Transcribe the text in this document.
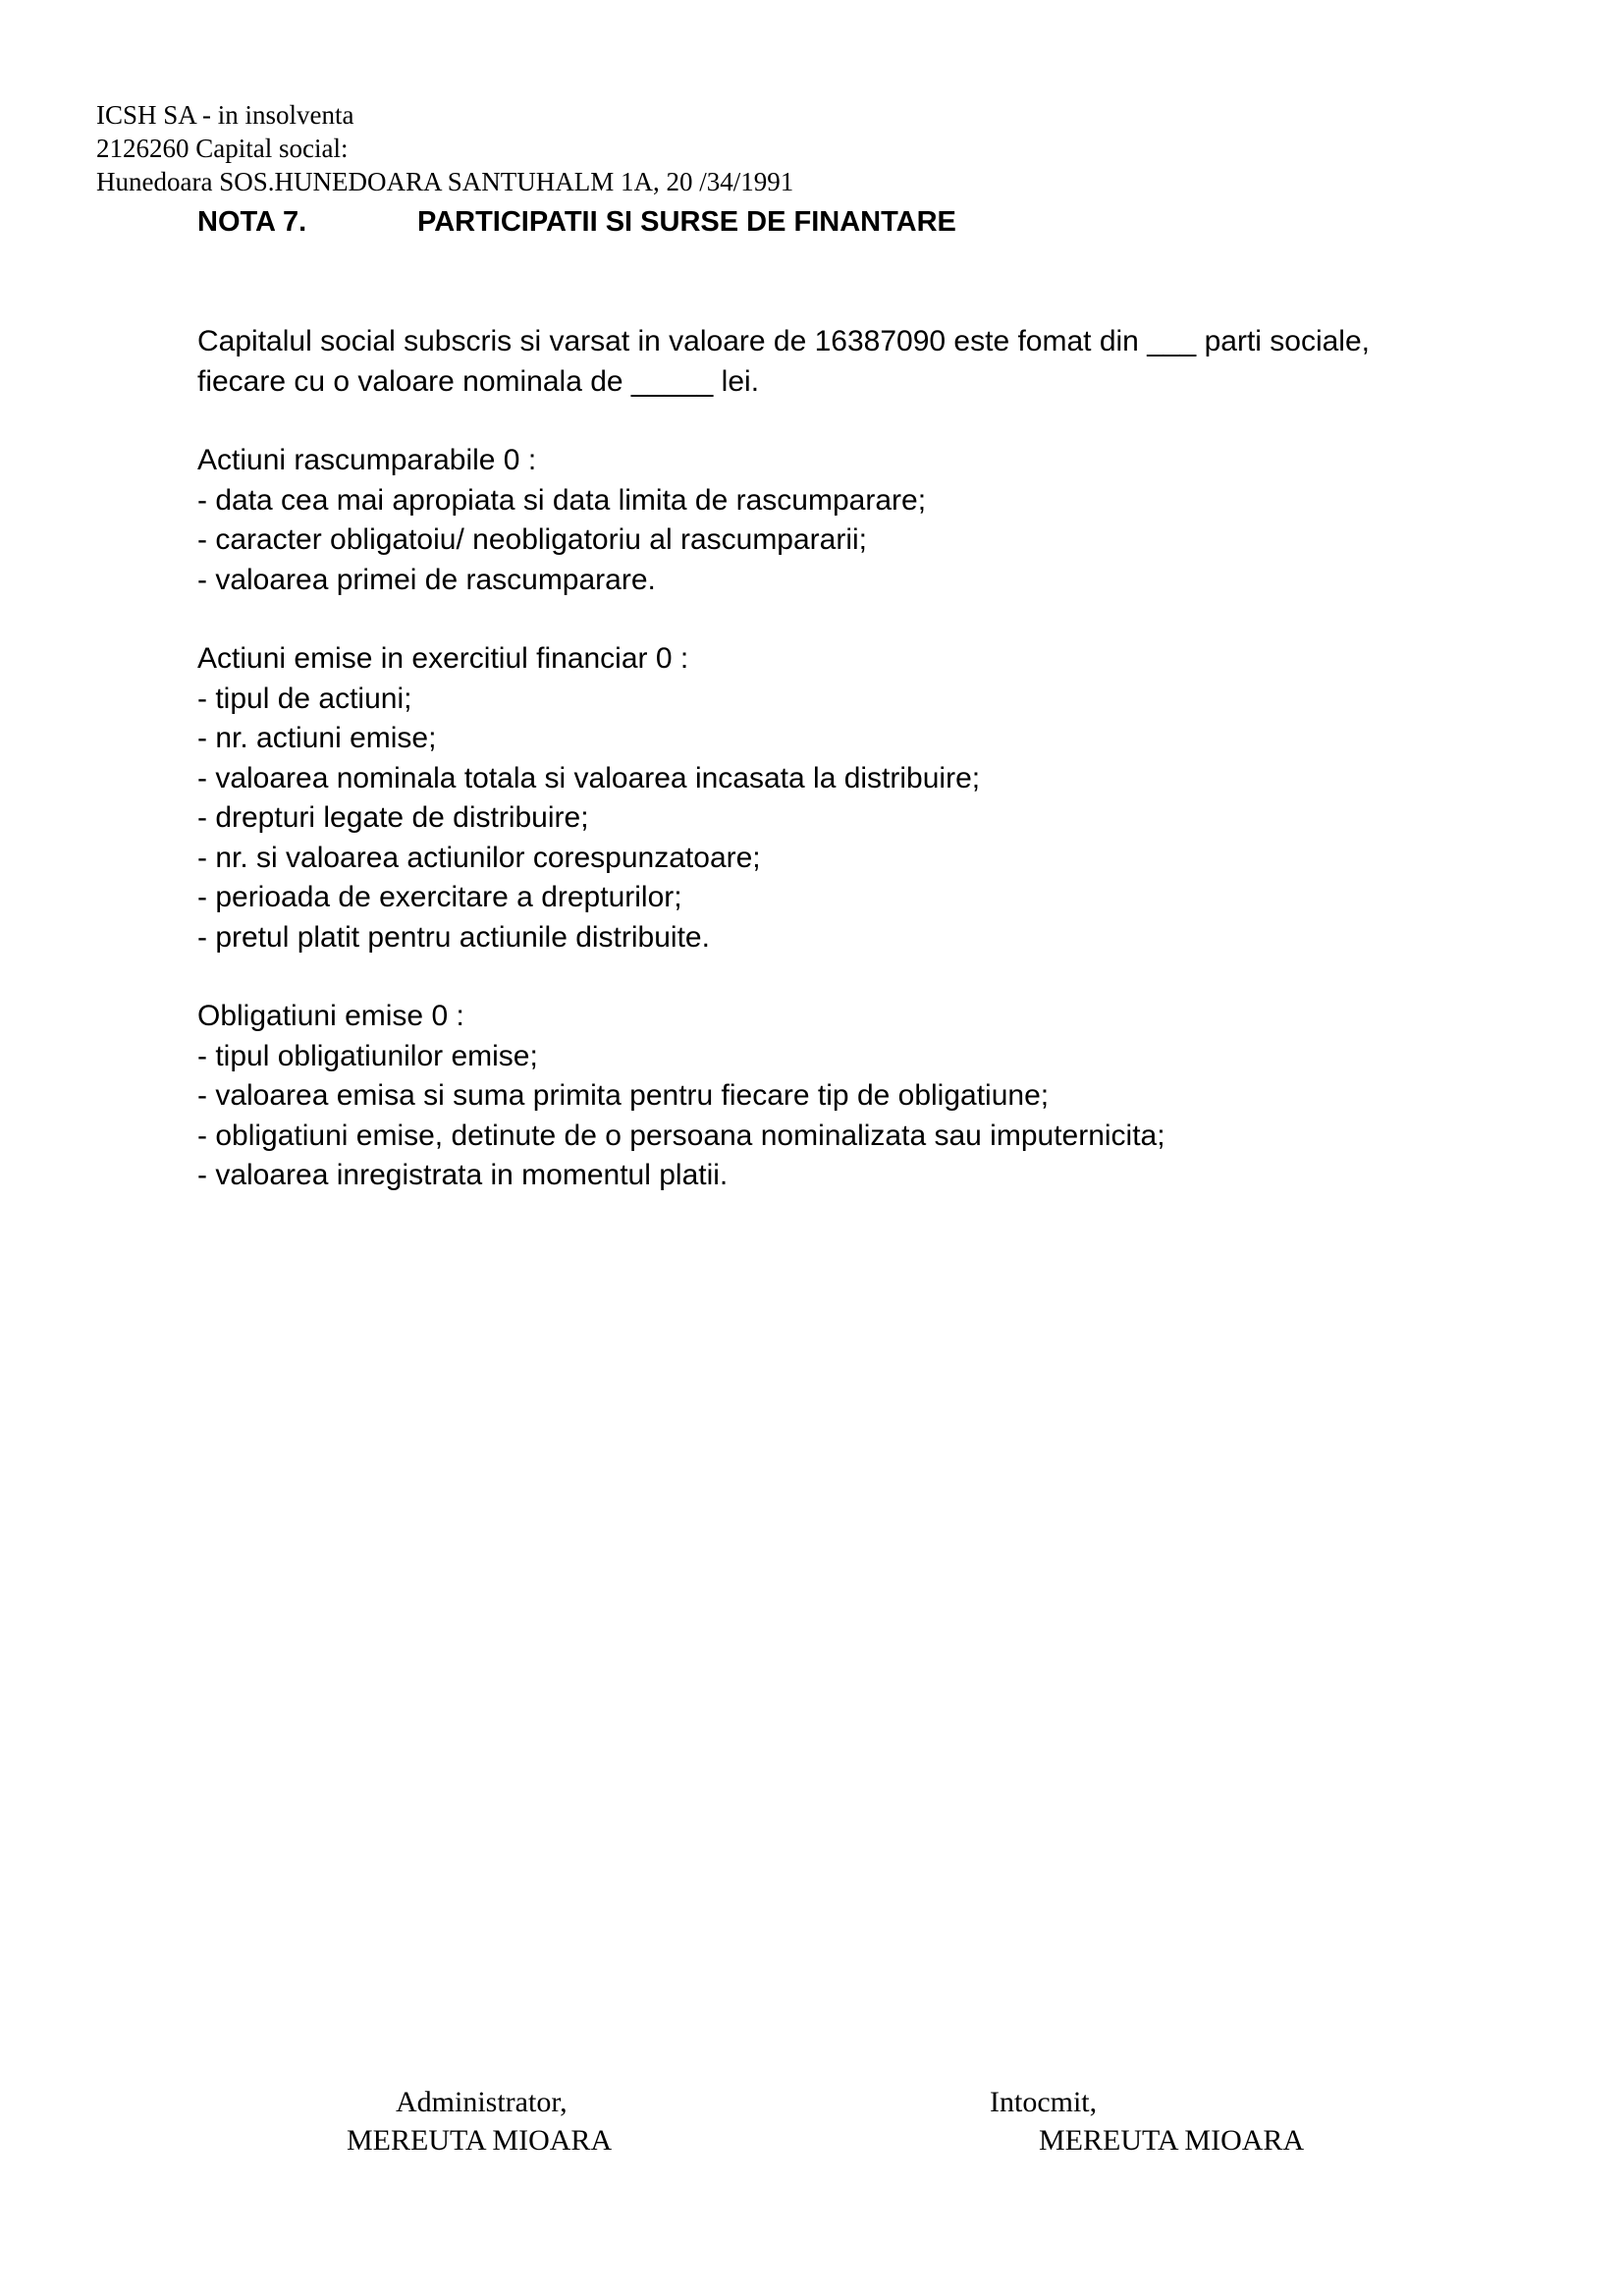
ICSH SA - in insolventa
2126260 Capital social:
Hunedoara SOS.HUNEDOARA SANTUHALM 1A, 20 /34/1991
NOTA 7.	PARTICIPATII SI SURSE DE FINANTARE

Capitalul social subscris si varsat in valoare de 16387090 este fomat din ___ parti sociale,

fiecare cu o valoare nominala de _____ lei.

Actiuni rascumparabile 0 :
- data cea mai apropiata si data limita de rascumparare;
- caracter obligatoiu/ neobligatoriu al rascumpararii;
- valoarea primei de rascumparare.
Actiuni emise in exercitiul financiar 0 :
- tipul de actiuni;
- nr. actiuni emise;
- valoarea nominala totala si valoarea incasata la distribuire;
- drepturi legate de distribuire;
- nr. si valoarea actiunilor corespunzatoare;
- perioada de exercitare a drepturilor;
- pretul platit pentru actiunile distribuite.
Obligatiuni emise 0 :
- tipul obligatiunilor emise;
- valoarea emisa si suma primita pentru fiecare tip de obligatiune;
- obligatiuni emise, detinute de o persoana nominalizata sau imputernicita;
- valoarea inregistrata in momentul platii.
Administrator,
MEREUTA MIOARA
Intocmit,
MEREUTA MIOARA
